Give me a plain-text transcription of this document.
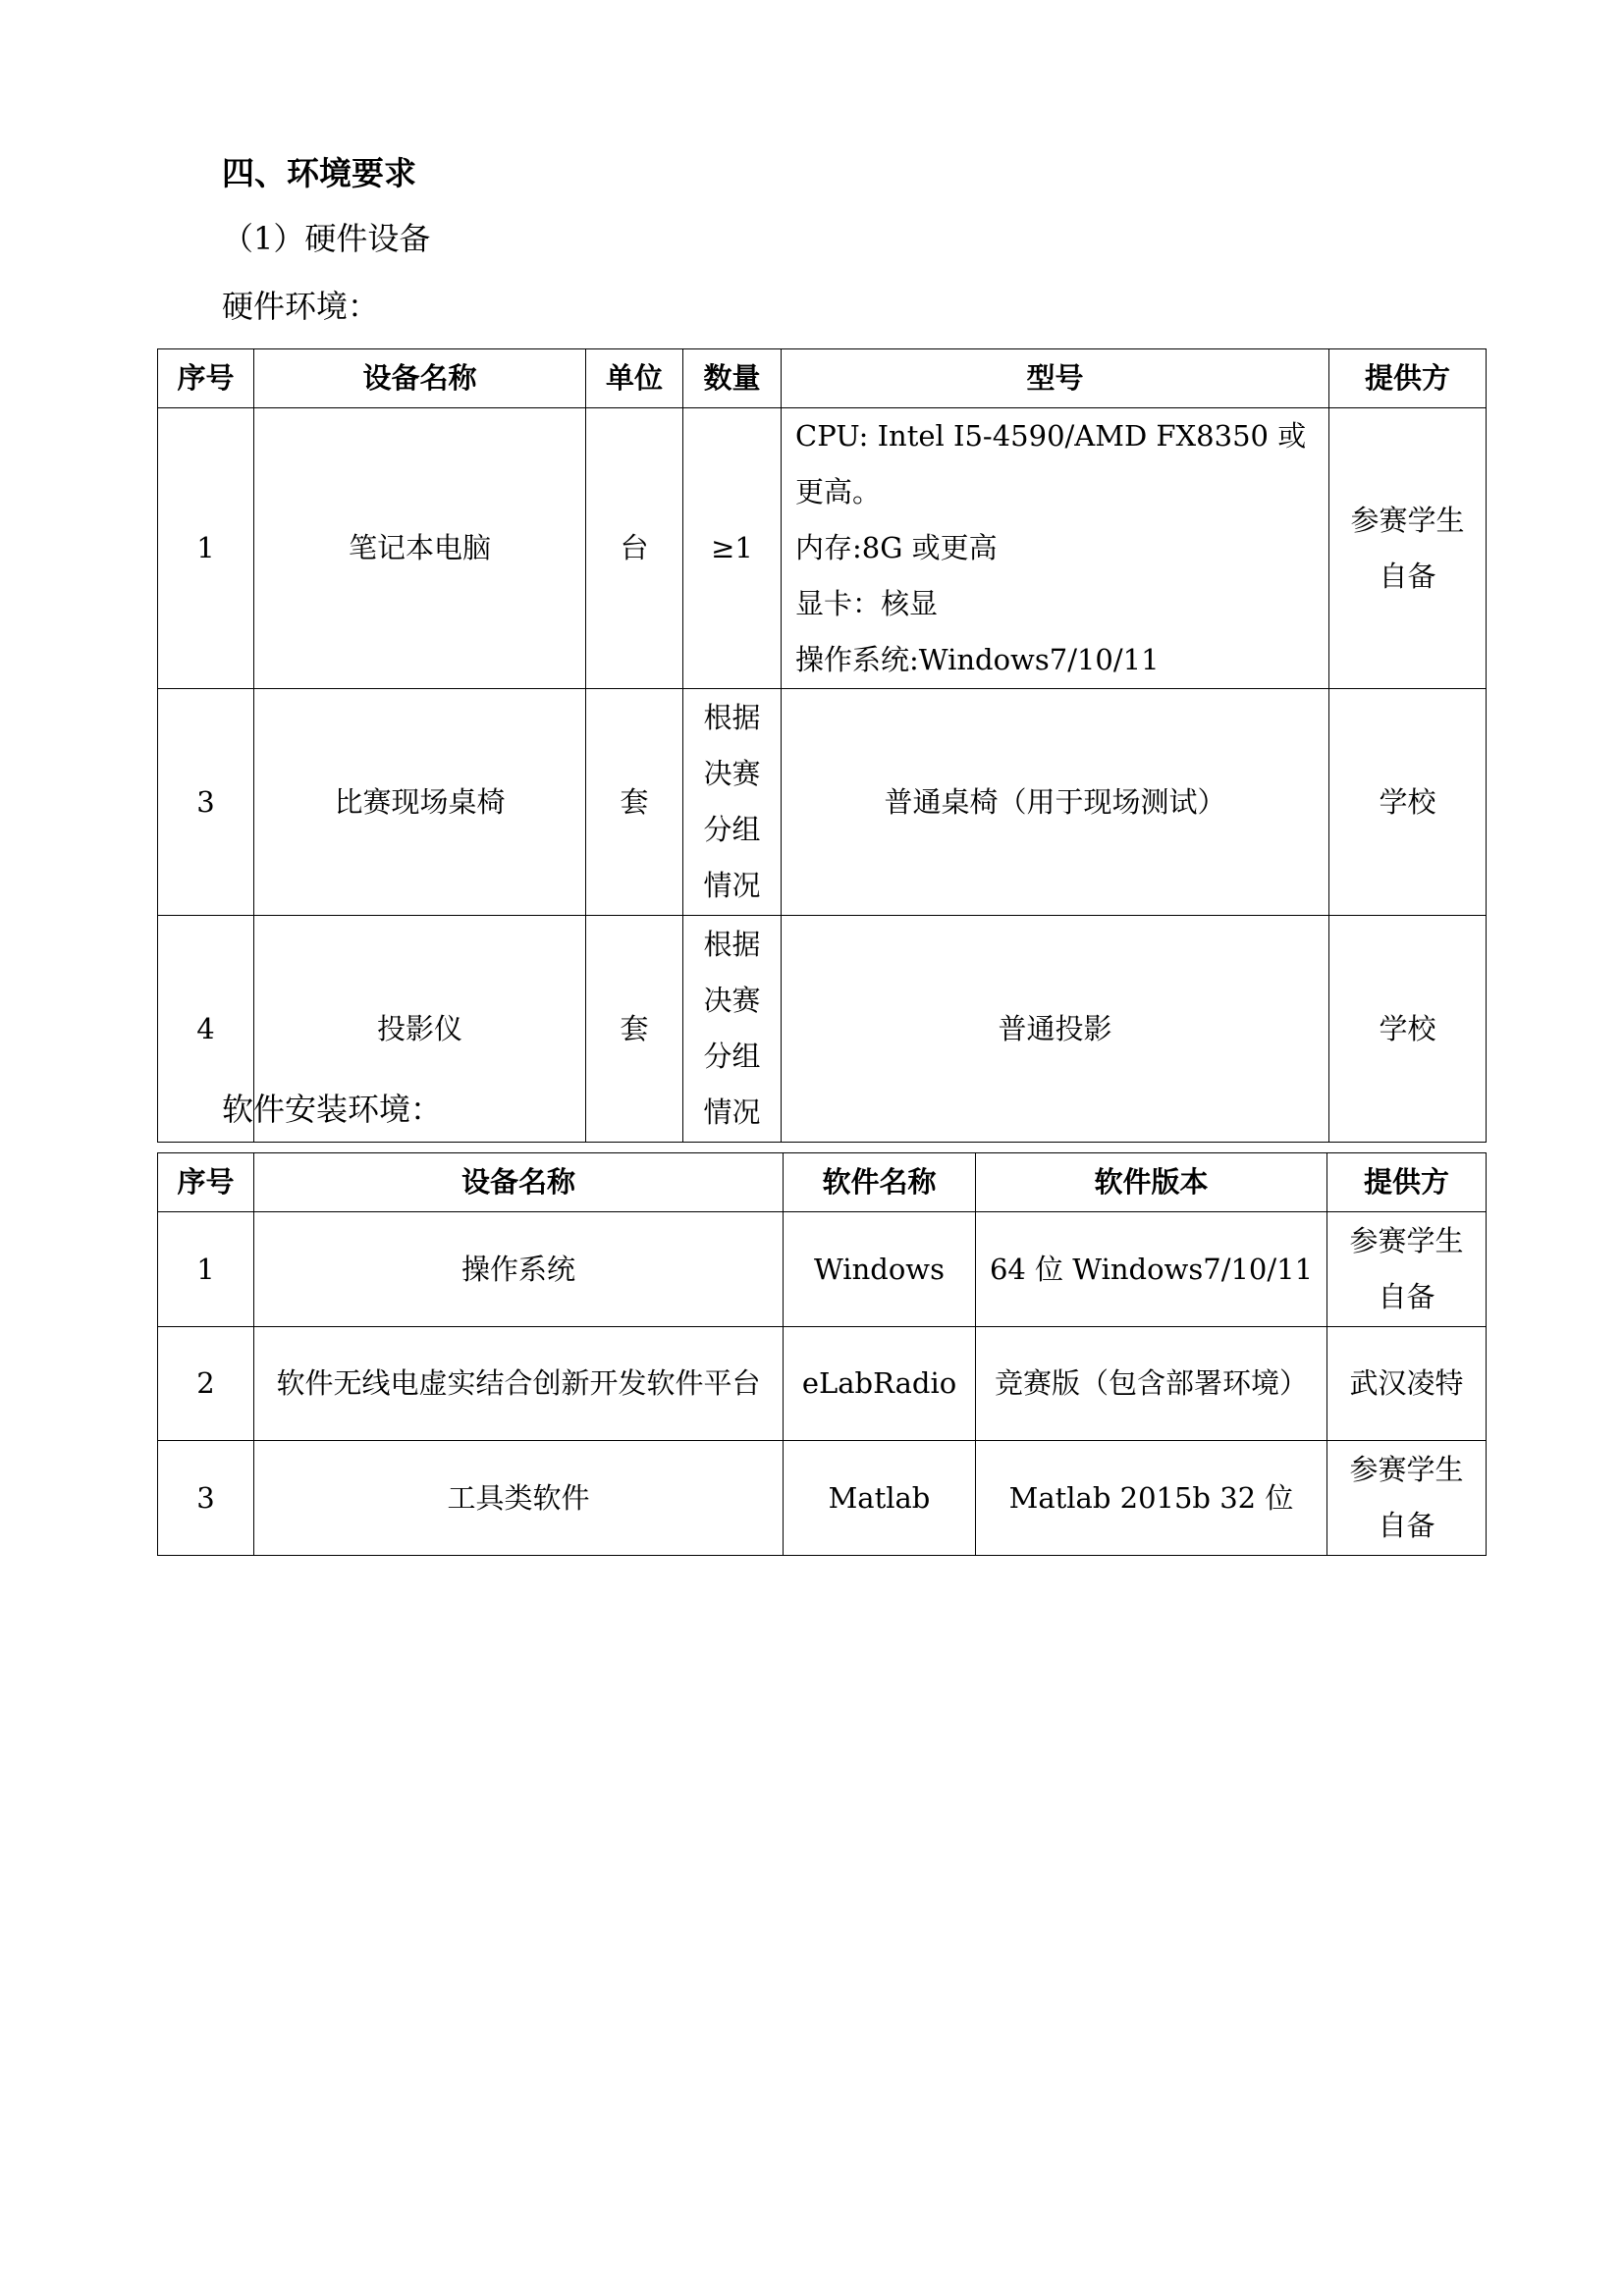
四、环境要求
（1）硬件设备
硬件环境：
序号	设备名称	单位	数量	型号	提供方
1	笔记本电脑	台	≥1	CPU: Intel I5-4590/AMD FX8350 或更高。
内存:8G 或更高
显卡：核显
操作系统:Windows7/10/11	参赛学生
自备

3	比赛现场桌椅	套	根据
决赛
分组
情况	普通桌椅（用于现场测试）	学校

4	投影仪	套	根据
决赛
分组
情况	普通投影	学校
软件安装环境：
序号	设备名称	软件名称	软件版本	提供方
1	操作系统	Windows	64 位 Windows7/10/11	参赛学生
自备

2	软件无线电虚实结合创新开发软件平台	eLabRadio	竞赛版（包含部署环境）	武汉凌特

3	工具类软件	Matlab	Matlab 2015b 32 位	参赛学生
自备
